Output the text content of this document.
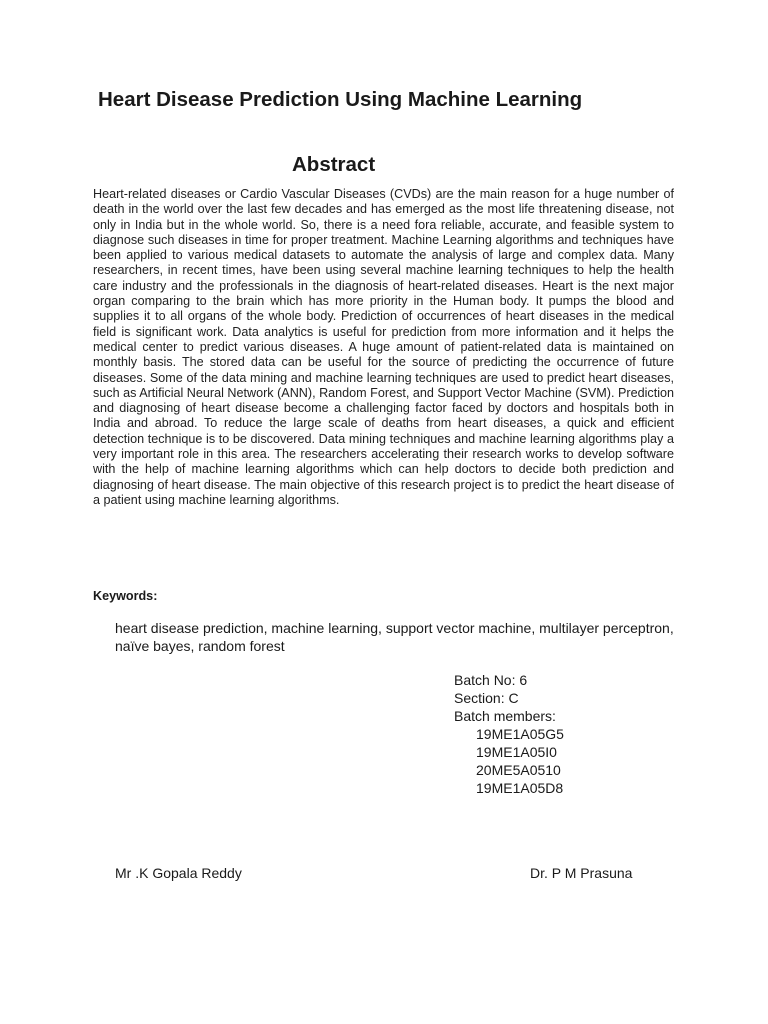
Heart Disease Prediction Using Machine Learning
Abstract

Heart-related diseases or Cardio Vascular Diseases (CVDs) are the main reason for a huge number of death in the world over the last few decades and has emerged as the most life threatening disease, not only in India but in the whole world. So, there is a need fora reliable, accurate, and feasible system to diagnose such diseases in time for proper treatment. Machine Learning algorithms and techniques have been applied to various medical datasets to automate the analysis of large and complex data. Many researchers, in recent times, have been using several machine learning techniques to help the health care industry and the professionals in the diagnosis of heart-related diseases. Heart is the next major organ comparing to the brain which has more priority in the Human body. It pumps the blood and supplies it to all organs of the whole body. Prediction of occurrences of heart diseases in the medical field is significant work. Data analytics is useful for prediction from more information and it helps the medical center to predict various diseases. A huge amount of patient-related data is maintained on monthly basis. The stored data can be useful for the source of predicting the occurrence of future diseases. Some of the data mining and machine learning techniques are used to predict heart diseases, such as Artificial Neural Network (ANN), Random Forest, and Support Vector Machine (SVM). Prediction and diagnosing of heart disease become a challenging factor faced by doctors and hospitals both in India and abroad. To reduce the large scale of deaths from heart diseases, a quick and efficient detection technique is to be discovered. Data mining techniques and machine learning algorithms play a very important role in this area. The researchers accelerating their research works to develop software with the help of machine learning algorithms which can help doctors to decide both prediction and diagnosing of heart disease. The main objective of this research project is to predict the heart disease of a patient using machine learning algorithms.

Keywords:
heart disease prediction, machine learning, support vector machine, multilayer perceptron, naïve bayes, random forest
Batch No: 6
Section: C
Batch members:
19ME1A05G5
19ME1A05I0
20ME5A0510
19ME1A05D8
Mr .K Gopala Reddy	Dr. P M Prasuna
